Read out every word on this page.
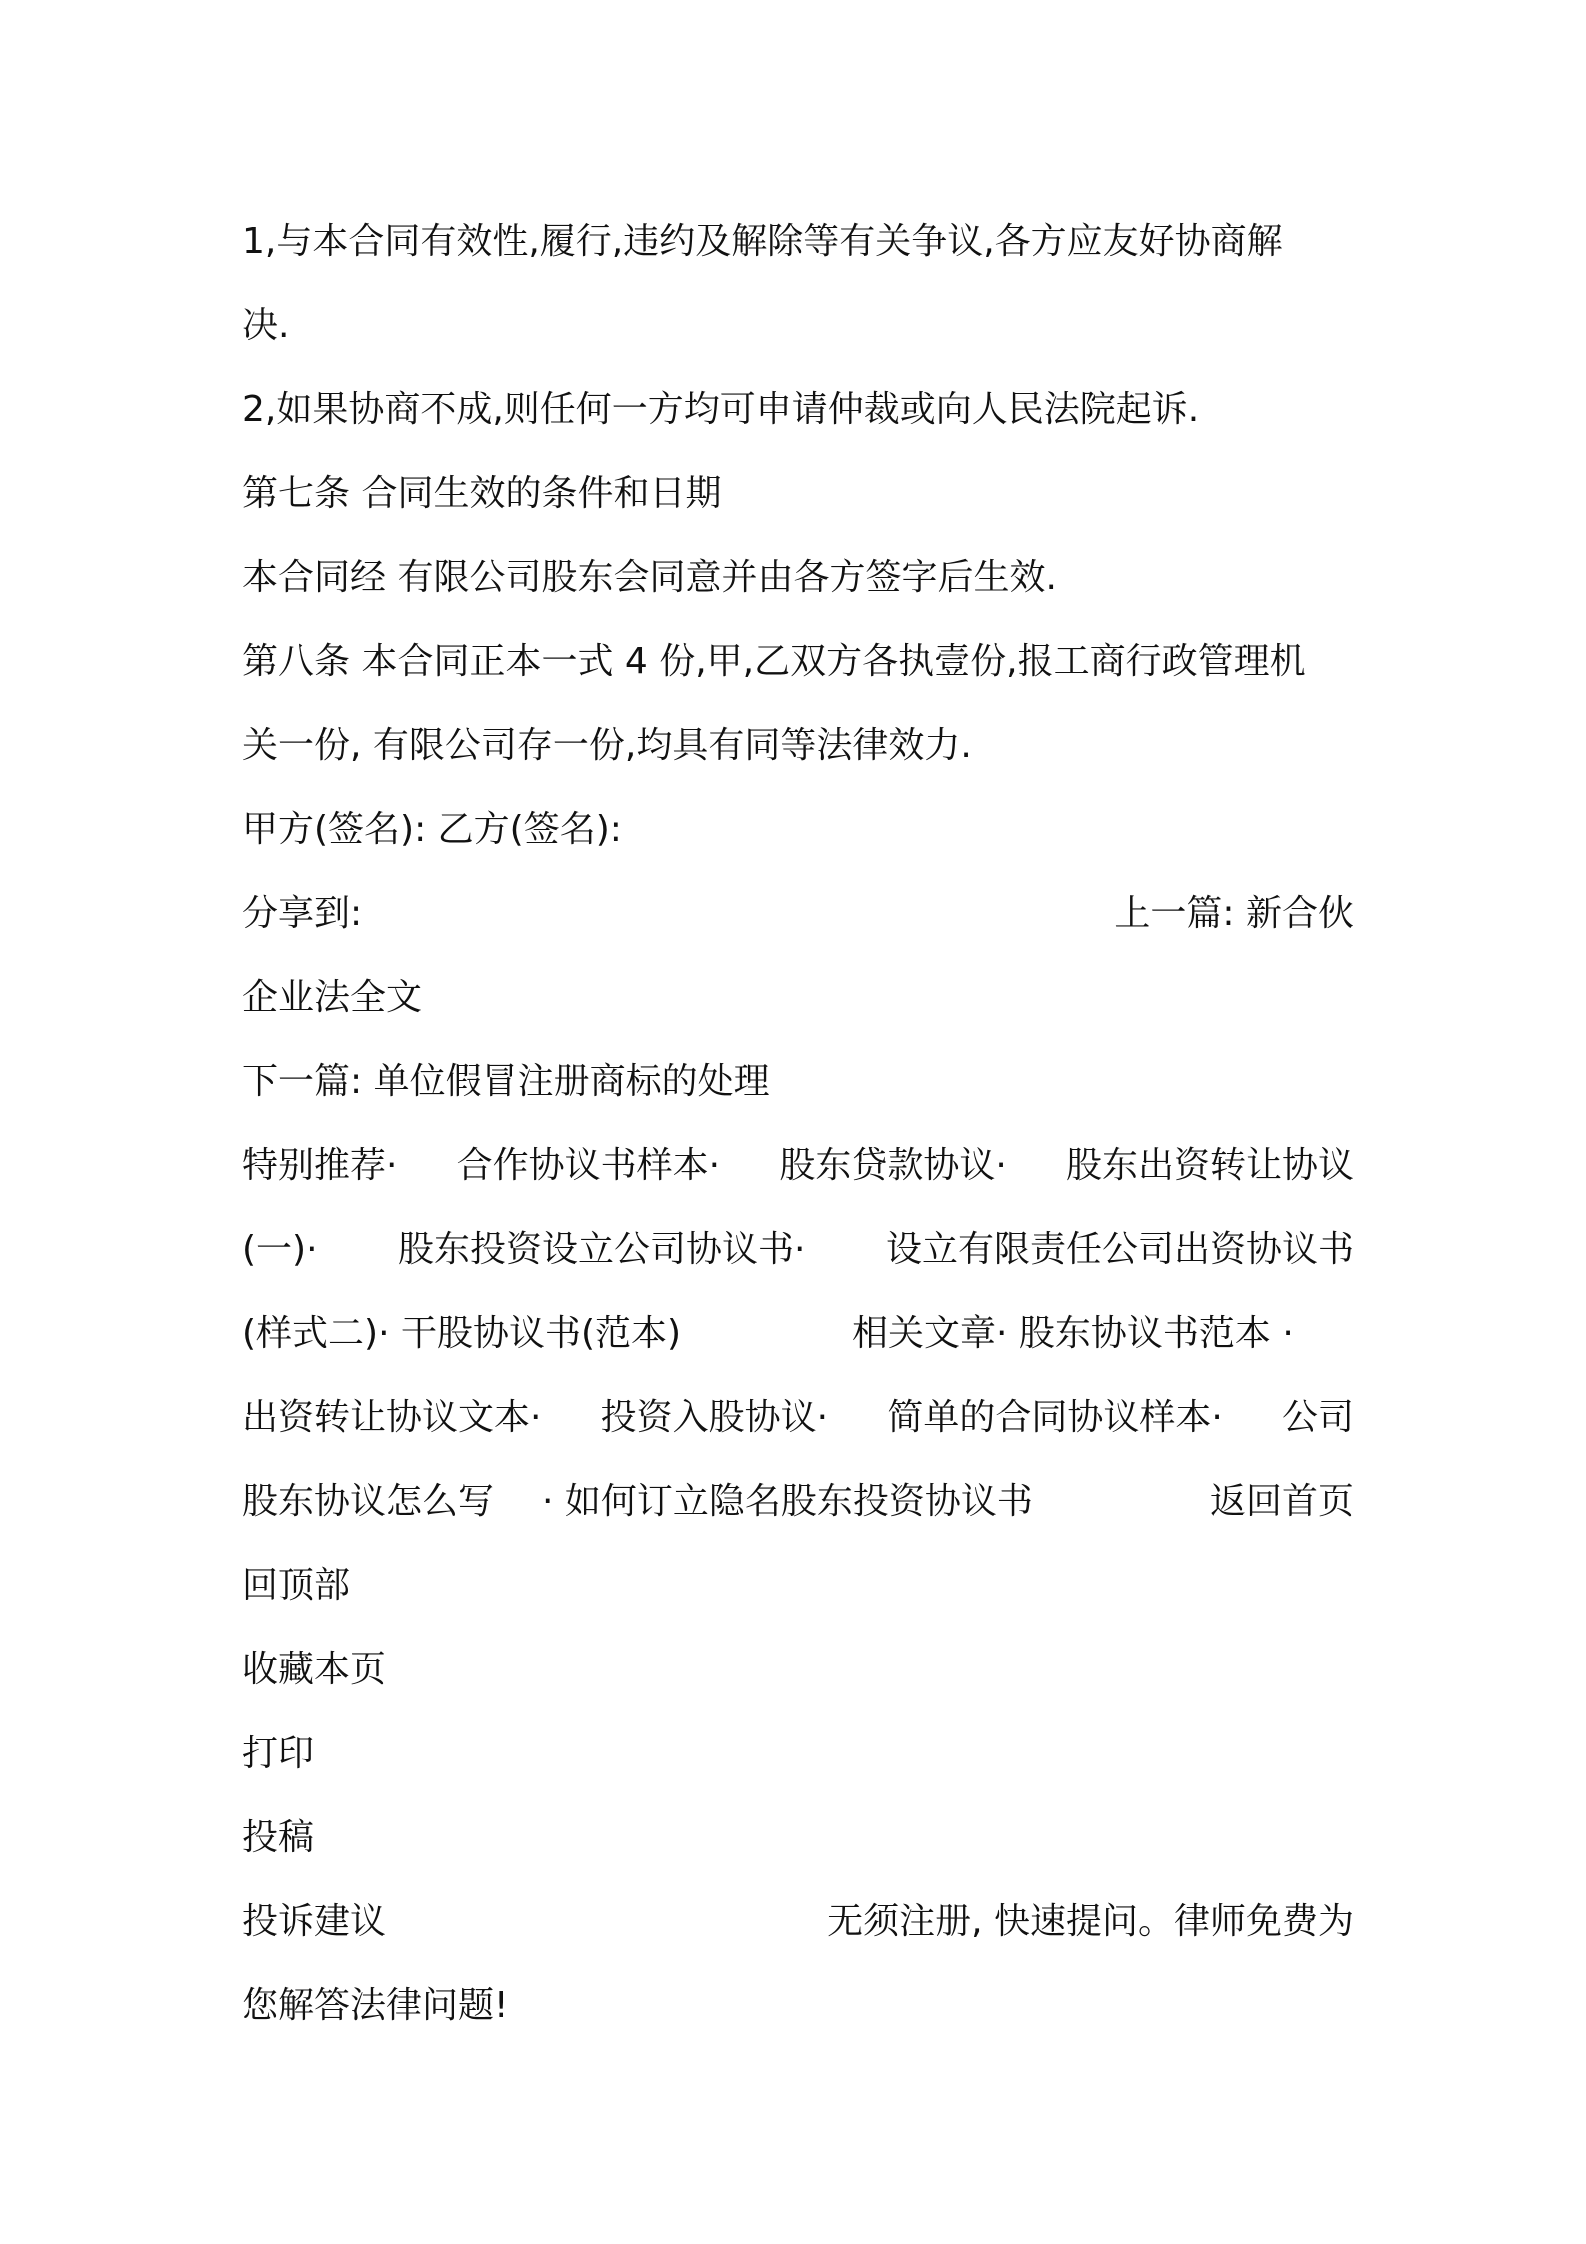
1,与本合同有效性,履行,违约及解除等有关争议,各方应友好协商解
决.
2,如果协商不成,则任何一方均可申请仲裁或向人民法院起诉.
第七条 合同生效的条件和日期
本合同经 有限公司股东会同意并由各方签字后生效.
第八条 本合同正本一式 4 份,甲,乙双方各执壹份,报工商行政管理机
关一份, 有限公司存一份,均具有同等法律效力.
甲方(签名): 乙方(签名):
分享到:	上一篇: 新合伙
企业法全文
下一篇: 单位假冒注册商标的处理
特别推荐· 合作协议书样本· 股东贷款协议· 股东出资转让协议
(一)· 股东投资设立公司协议书· 设立有限责任公司出资协议书
(样式二)· 干股协议书(范本)	相关文章· 股东协议书范本 ·
出资转让协议文本· 投资入股协议· 简单的合同协议样本· 公司
股东协议怎么写 · 如何订立隐名股东投资协议书	返回首页
回顶部
收藏本页
打印
投稿
投诉建议	无须注册, 快速提问。律师免费为
您解答法律问题!
